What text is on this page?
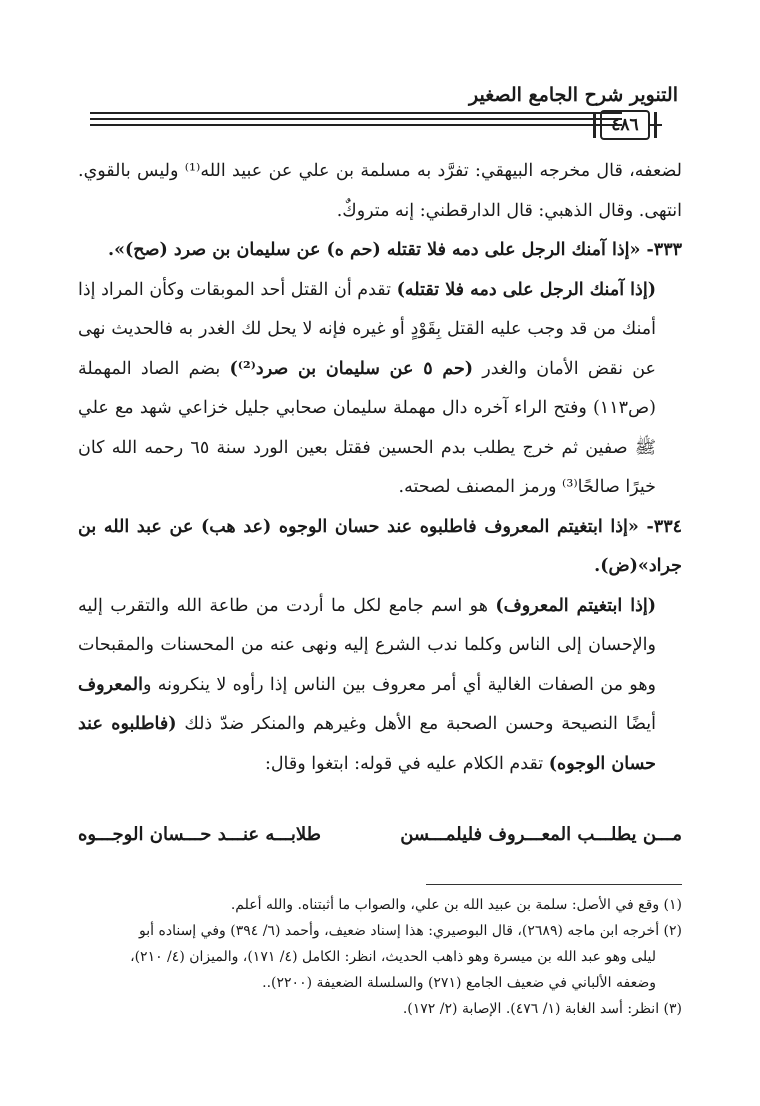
التنوير شرح الجامع الصغير
٤٨٦

لضعفه، قال مخرجه البيهقي: تفرَّد به مسلمة بن علي عن عبيد الله⁽¹⁾ وليس بالقوي. انتهى. وقال الذهبي: قال الدارقطني: إنه متروكٌ.

٣٣٣- «إذا آمنك الرجل على دمه فلا تقتله (حم ه) عن سليمان بن صرد (صح)».

(إذا آمنك الرجل على دمه فلا تقتله) تقدم أن القتل أحد الموبقات وكأن المراد إذا أمنك من قد وجب عليه القتل بِقَوْدٍ أو غيره فإنه لا يحل لك الغدر به فالحديث نهى عن نقض الأمان والغدر (حم ٥ عن سليمان بن صرد⁽²⁾) بضم الصاد المهملة (ص١١٣) وفتح الراء آخره دال مهملة سليمان صحابي جليل خزاعي شهد مع علي ﷺ صفين ثم خرج يطلب بدم الحسين فقتل بعين الورد سنة ٦٥ رحمه الله كان خيرًا صالحًا⁽³⁾ ورمز المصنف لصحته.

٣٣٤- «إذا ابتغيتم المعروف فاطلبوه عند حسان الوجوه (عد هب) عن عبد الله بن جراد»(ض).

(إذا ابتغيتم المعروف) هو اسم جامع لكل ما أردت من طاعة الله والتقرب إليه والإحسان إلى الناس وكلما ندب الشرع إليه ونهى عنه من المحسنات والمقبحات وهو من الصفات الغالية أي أمر معروف بين الناس إذا رأوه لا ينكرونه والمعروف أيضًا النصيحة وحسن الصحبة مع الأهل وغيرهم والمنكر ضدّ ذلك (فاطلبوه عند حسان الوجوه) تقدم الكلام عليه في قوله: ابتغوا وقال:

مـــن يطلـــب المعـــروف فليلمـــسن
طلابـــه عنـــد حـــسان الوجـــوه

(١) وقع في الأصل: سلمة بن عبيد الله بن علي، والصواب ما أثبتناه. والله أعلم.

(٢) أخرجه ابن ماجه (٢٦٨٩)، قال البوصيري: هذا إسناد ضعيف، وأحمد (٦/ ٣٩٤) وفي إسناده أبو

ليلى وهو عبد الله بن ميسرة وهو ذاهب الحديث، انظر: الكامل (٤/ ١٧١)، والميزان (٤/ ٢١٠)،

وضعفه الألباني في ضعيف الجامع (٢٧١) والسلسلة الضعيفة (٢٢٠٠)..

(٣) انظر: أسد الغابة (١/ ٤٧٦). الإصابة (٢/ ١٧٢).
